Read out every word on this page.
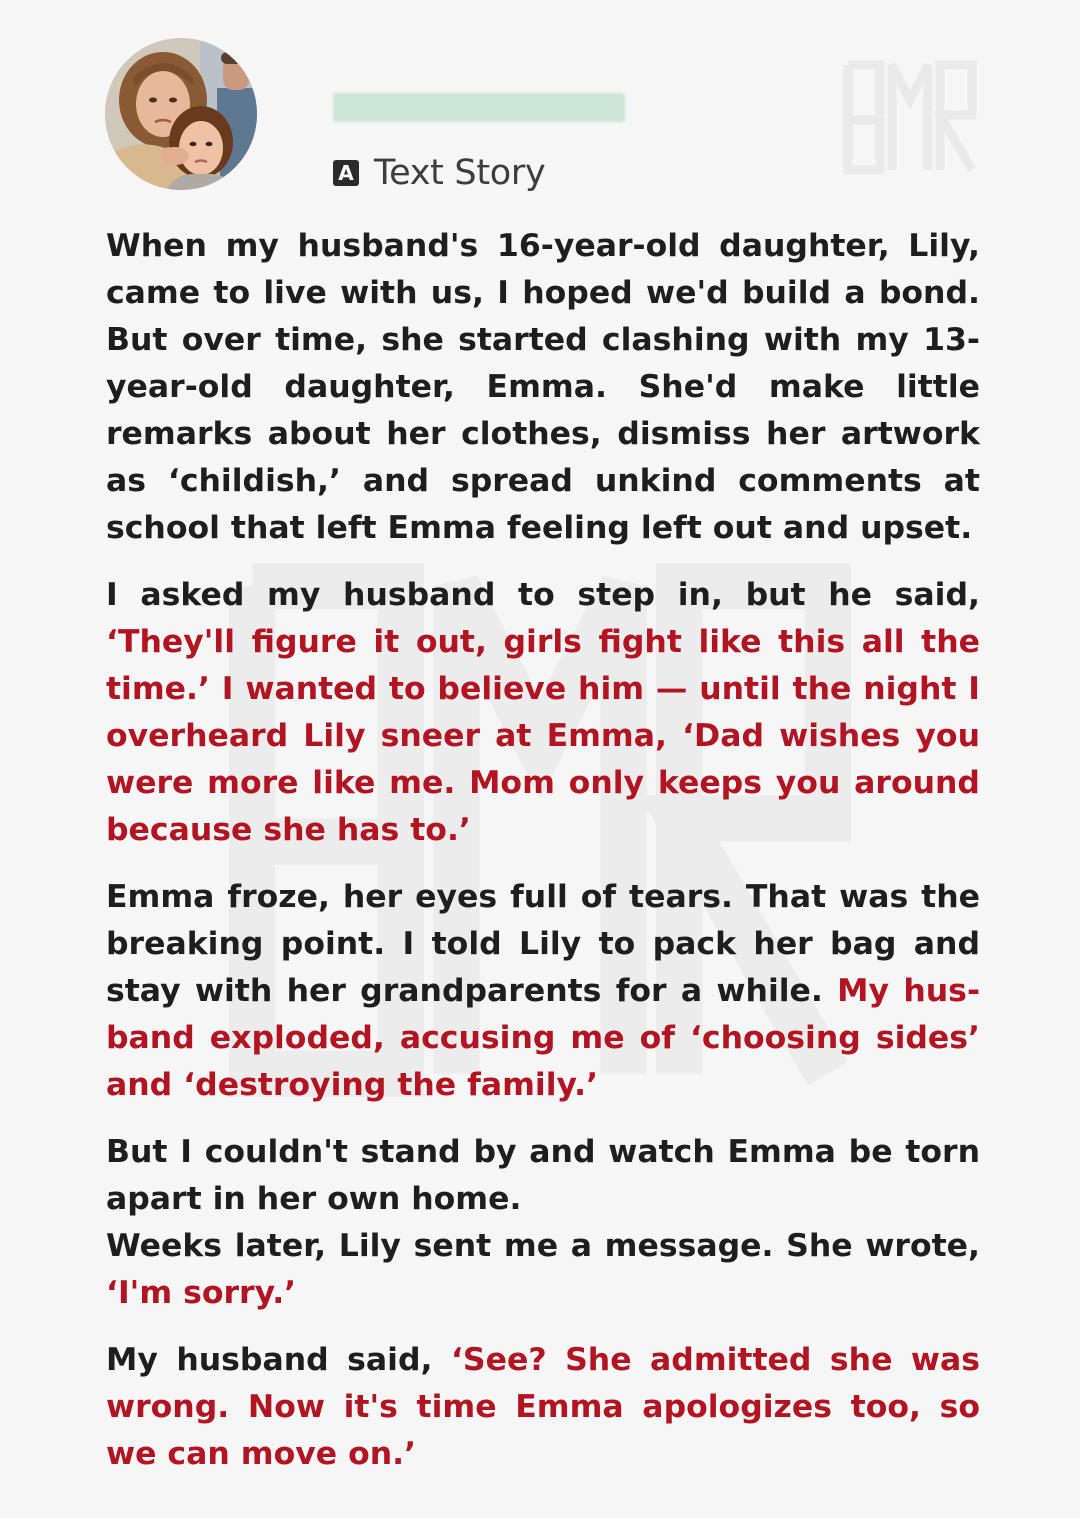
A Text Story

When my husband's 16-year-old daughter, Lily, came to live with us, I hoped we'd build a bond. But over time, she started clashing with my 13-year-old daughter, Emma. She'd make little remarks about her clothes, dismiss her artwork as ‘childish,’ and spread unkind comments at school that left Emma feeling left out and upset.

I asked my husband to step in, but he said, ‘They'll figure it out, girls fight like this all the time.’ I wanted to believe him — until the night I overheard Lily sneer at Emma, ‘Dad wishes you were more like me. Mom only keeps you around because she has to.’

Emma froze, her eyes full of tears. That was the breaking point. I told Lily to pack her bag and stay with her grandparents for a while. My husband exploded, accusing me of ‘choosing sides’ and ‘destroying the family.’

But I couldn't stand by and watch Emma be torn apart in her own home.

Weeks later, Lily sent me a message. She wrote, ‘I'm sorry.’

My husband said, ‘See? She admitted she was wrong. Now it's time Emma apologizes too, so we can move on.’
